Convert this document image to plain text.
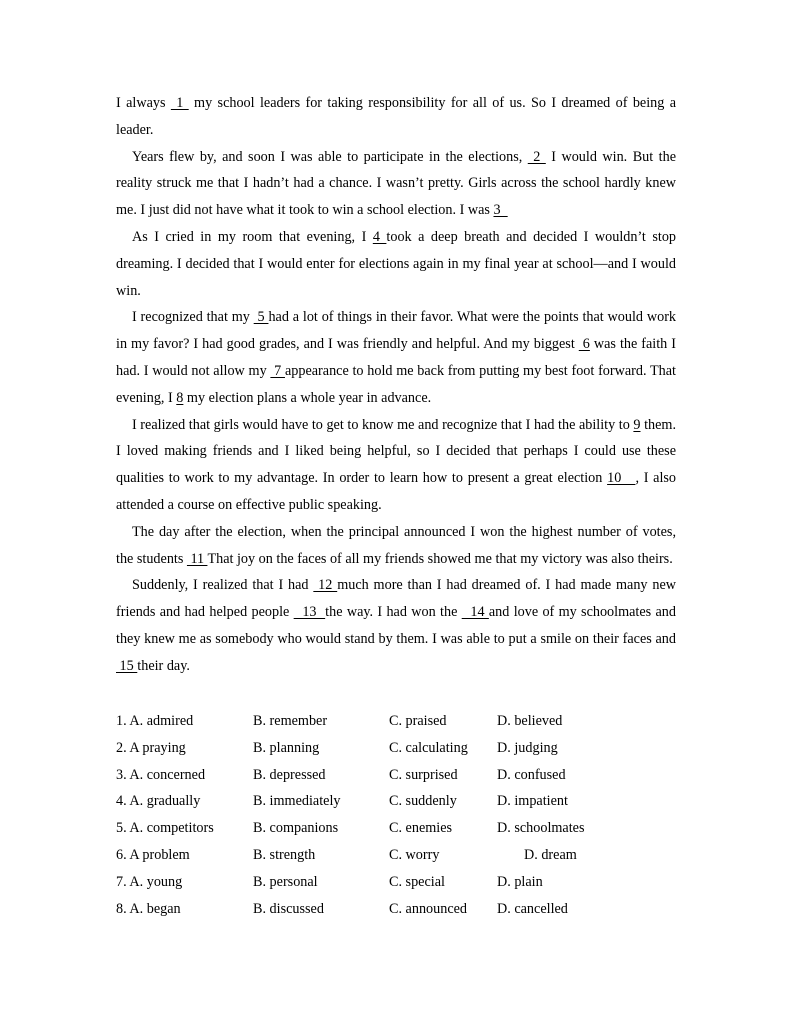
I always  1  my school leaders for taking responsibility for all of us. So I dreamed of being a leader.

Years flew by, and soon I was able to participate in the elections,  2  I would win. But the reality struck me that I hadn’t had a chance. I wasn’t pretty. Girls across the school hardly knew me. I just did not have what it took to win a school election. I was 3

As I cried in my room that evening, I 4 took a deep breath and decided I wouldn’t stop dreaming. I decided that I would enter for elections again in my final year at school—and I would win.

I recognized that my  5 had a lot of things in their favor. What were the points that would work in my favor? I had good grades, and I was friendly and helpful. And my biggest  6 was the faith I had. I would not allow my  7 appearance to hold me back from putting my best foot forward. That evening, I 8 my election plans a whole year in advance.

I realized that girls would have to get to know me and recognize that I had the ability to 9 them. I loved making friends and I liked being helpful, so I decided that perhaps I could use these qualities to work to my advantage. In order to learn how to present a great election 10   , I also attended a course on effective public speaking.

The day after the election, when the principal announced I won the highest number of votes, the students  11 That joy on the faces of all my friends showed me that my victory was also theirs.

Suddenly, I realized that I had  12 much more than I had dreamed of. I had made many new friends and had helped people   13  the way. I had won the   14 and love of my schoolmates and they knew me as somebody who would stand by them. I was able to put a smile on their faces and  15 their day.

1. A. admired	B. remember	C. praised	D. believed
2. A praying	B. planning	C. calculating D. judging
3. A. concerned	B. depressed	C. surprised	D. confused
4. A. gradually	B. immediately	C. suddenly	D. impatient
5. A. competitors	B. companions	C. enemies	D. schoolmates
6. A problem	B. strength	C. worry	D. dream
7. A. young	B. personal	C. special	D. plain
8. A. began	B. discussed	C. announced D. cancelled
